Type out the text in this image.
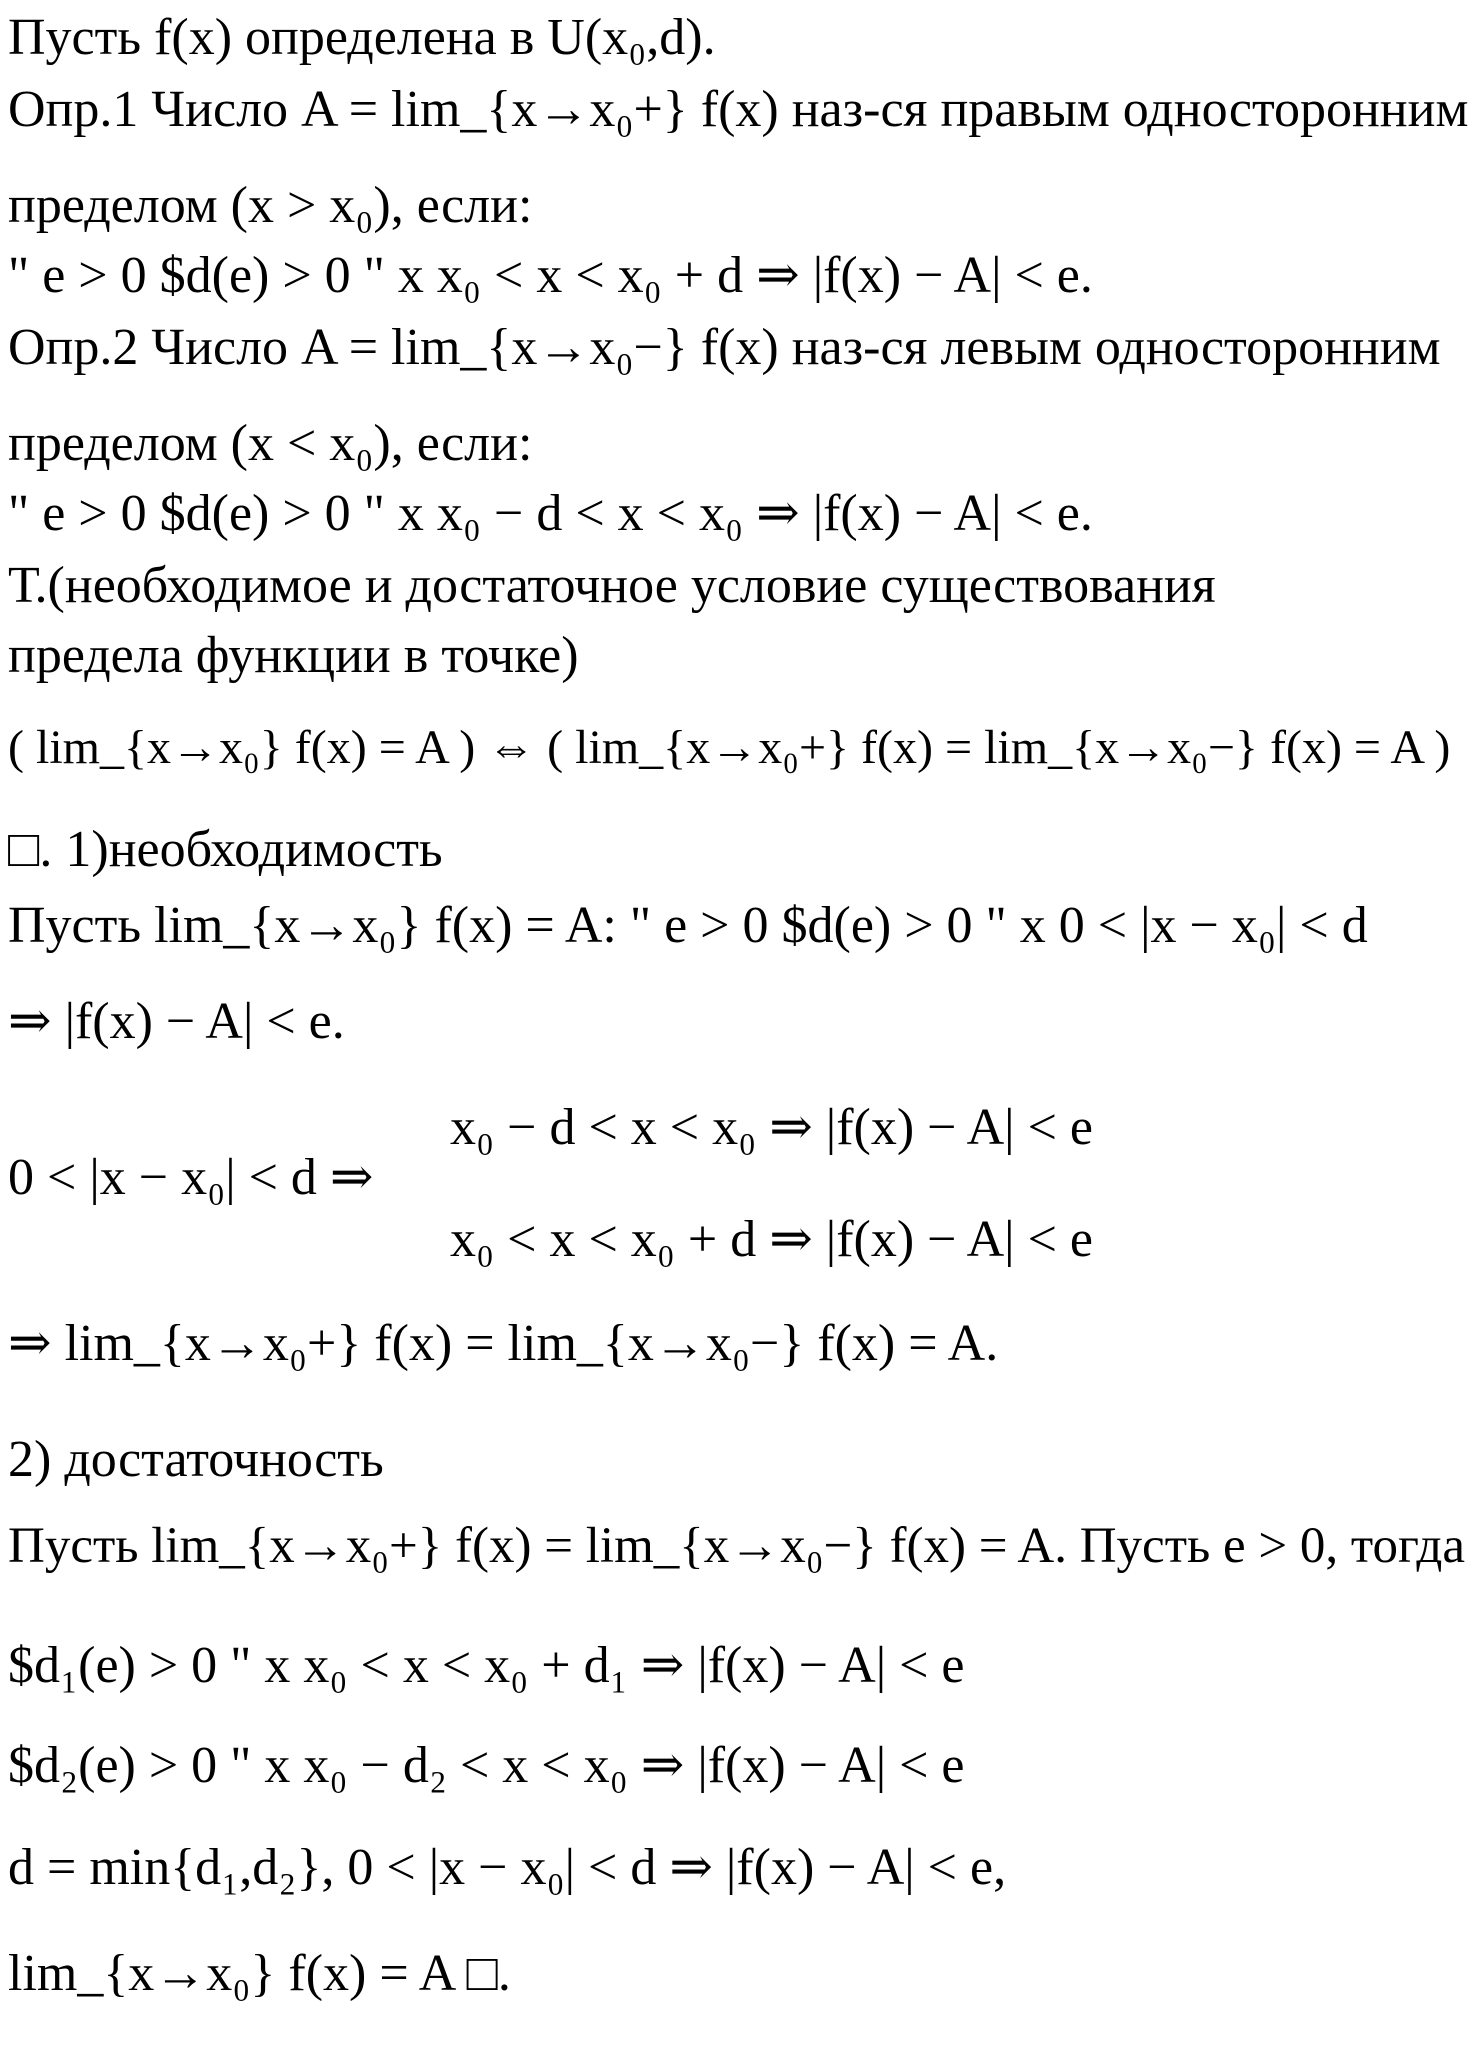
Пусть f(x) определена в U(x₀,d).
Опр.1 Число A = lim_{x→x₀+} f(x) наз-ся правым односторонним
пределом (x > x₀), если:
" e > 0 $d(e) > 0 " x x₀ < x < x₀ + d ⇒ |f(x) − A| < e.
Опр.2 Число A = lim_{x→x₀−} f(x) наз-ся левым односторонним
пределом (x < x₀), если:
" e > 0 $d(e) > 0 " x x₀ − d < x < x₀ ⇒ |f(x) − A| < e.
Т.(необходимое и достаточное условие существования
предела функции в точке)
( lim_{x→x₀} f(x) = A ) ⇔ ( lim_{x→x₀+} f(x) = lim_{x→x₀−} f(x) = A )
□. 1)необходимость
Пусть lim_{x→x₀} f(x) = A: " e > 0 $d(e) > 0 " x 0 < |x − x₀| < d
⇒ |f(x) − A| < e.
x₀ − d < x < x₀ ⇒ |f(x) − A| < e
0 < |x − x₀| < d ⇒
x₀ < x < x₀ + d ⇒ |f(x) − A| < e
⇒ lim_{x→x₀+} f(x) = lim_{x→x₀−} f(x) = A.
2) достаточность
Пусть lim_{x→x₀+} f(x) = lim_{x→x₀−} f(x) = A. Пусть e > 0, тогда
$d₁(e) > 0 " x x₀ < x < x₀ + d₁ ⇒ |f(x) − A| < e
$d₂(e) > 0 " x x₀ − d₂ < x < x₀ ⇒ |f(x) − A| < e
d = min{d₁,d₂}, 0 < |x − x₀| < d ⇒ |f(x) − A| < e,
lim_{x→x₀} f(x) = A □.
